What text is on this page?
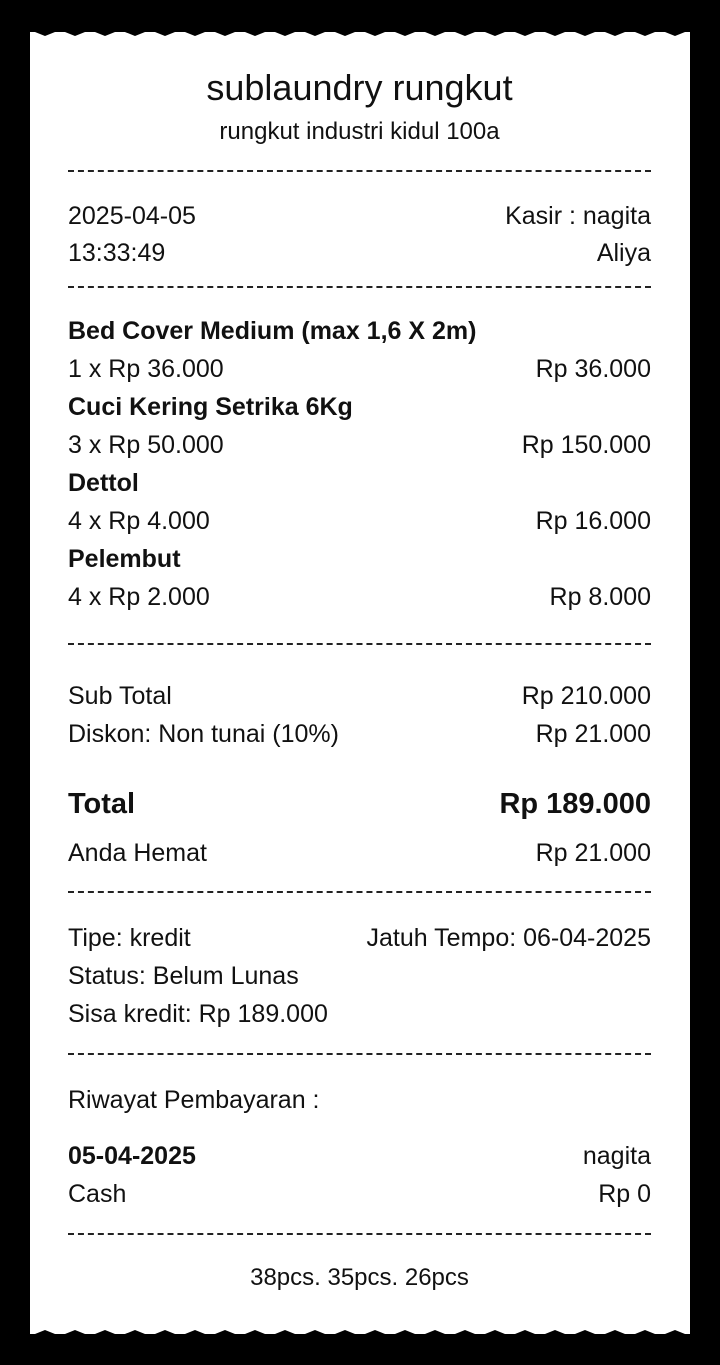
sublaundry rungkut
rungkut industri kidul 100a
2025-04-05	Kasir : nagita
13:33:49	Aliya
Bed Cover Medium (max 1,6 X 2m)
1 x Rp 36.000	Rp 36.000
Cuci Kering Setrika 6Kg
3 x Rp 50.000	Rp 150.000
Dettol
4 x Rp 4.000	Rp 16.000
Pelembut
4 x Rp 2.000	Rp 8.000
Sub Total	Rp 210.000
Diskon: Non tunai (10%)	Rp 21.000
Total	Rp 189.000
Anda Hemat	Rp 21.000
Tipe: kredit	Jatuh Tempo: 06-04-2025
Status: Belum Lunas
Sisa kredit: Rp 189.000
Riwayat Pembayaran :
05-04-2025	nagita
Cash	Rp 0
38pcs. 35pcs. 26pcs
